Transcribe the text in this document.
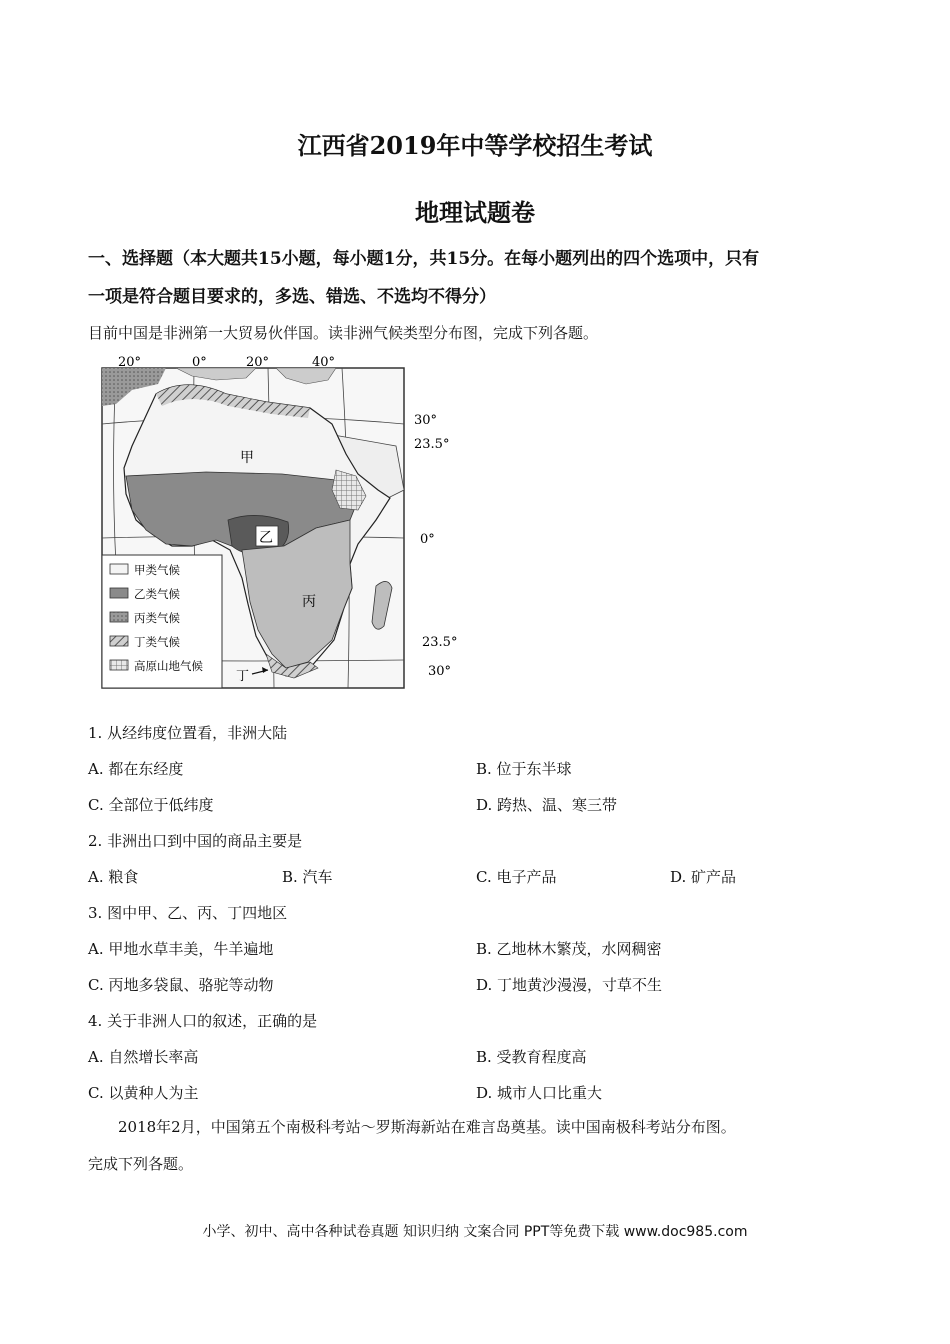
江西省2019年中等学校招生考试
地理试题卷
一、选择题（本大题共15小题，每小题1分，共15分。在每小题列出的四个选项中，只有
一项是符合题目要求的，多选、错选、不选均不得分）
目前中国是非洲第一大贸易伙伴国。读非洲气候类型分布图，完成下列各题。
20°	0°	20°	40°
30°
23.5°
0°
23.5°
30°
甲
乙
丙
丁
甲类气候
乙类气候
丙类气候
丁类气候
高原山地气候
1. 从经纬度位置看，非洲大陆
A. 都在东经度	B. 位于东半球
C. 全部位于低纬度	D. 跨热、温、寒三带
2. 非洲出口到中国的商品主要是
A. 粮食	B. 汽车	C. 电子产品	D. 矿产品
3. 图中甲、乙、丙、丁四地区
A. 甲地水草丰美，牛羊遍地	B. 乙地林木繁茂，水网稠密
C. 丙地多袋鼠、骆驼等动物	D. 丁地黄沙漫漫，寸草不生
4. 关于非洲人口的叙述，正确的是
A. 自然增长率高	B. 受教育程度高
C. 以黄种人为主	D. 城市人口比重大
2018年2月，中国第五个南极科考站～罗斯海新站在难言岛奠基。读中国南极科考站分布图。
完成下列各题。
小学、初中、高中各种试卷真题 知识归纳 文案合同 PPT等免费下载 www.doc985.com
